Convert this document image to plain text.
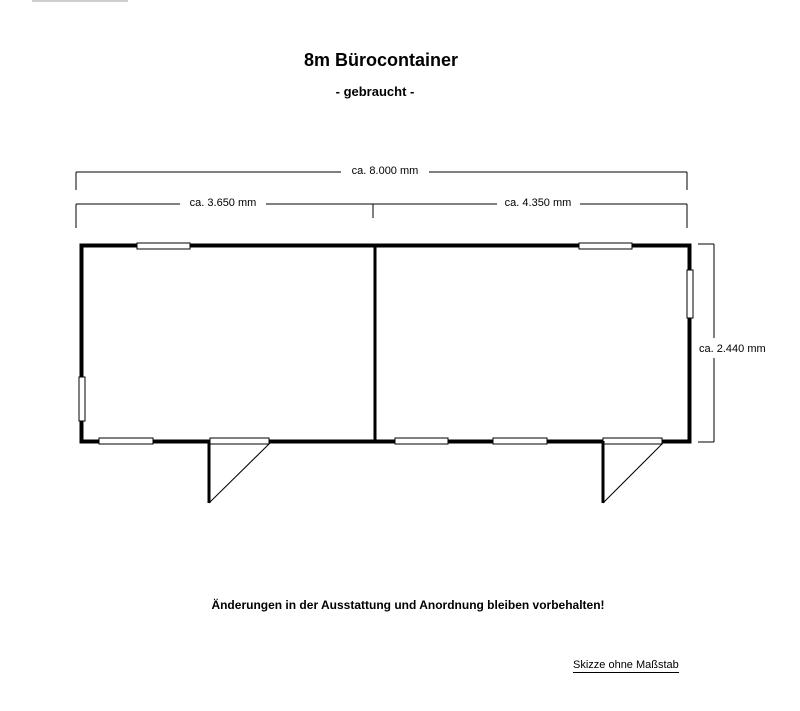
8m Bürocontainer
- gebraucht -
ca. 8.000 mm
ca. 3.650 mm	ca. 4.350 mm
ca. 2.440 mm
Änderungen in der Ausstattung und Anordnung bleiben vorbehalten!
Skizze ohne Maßstab
